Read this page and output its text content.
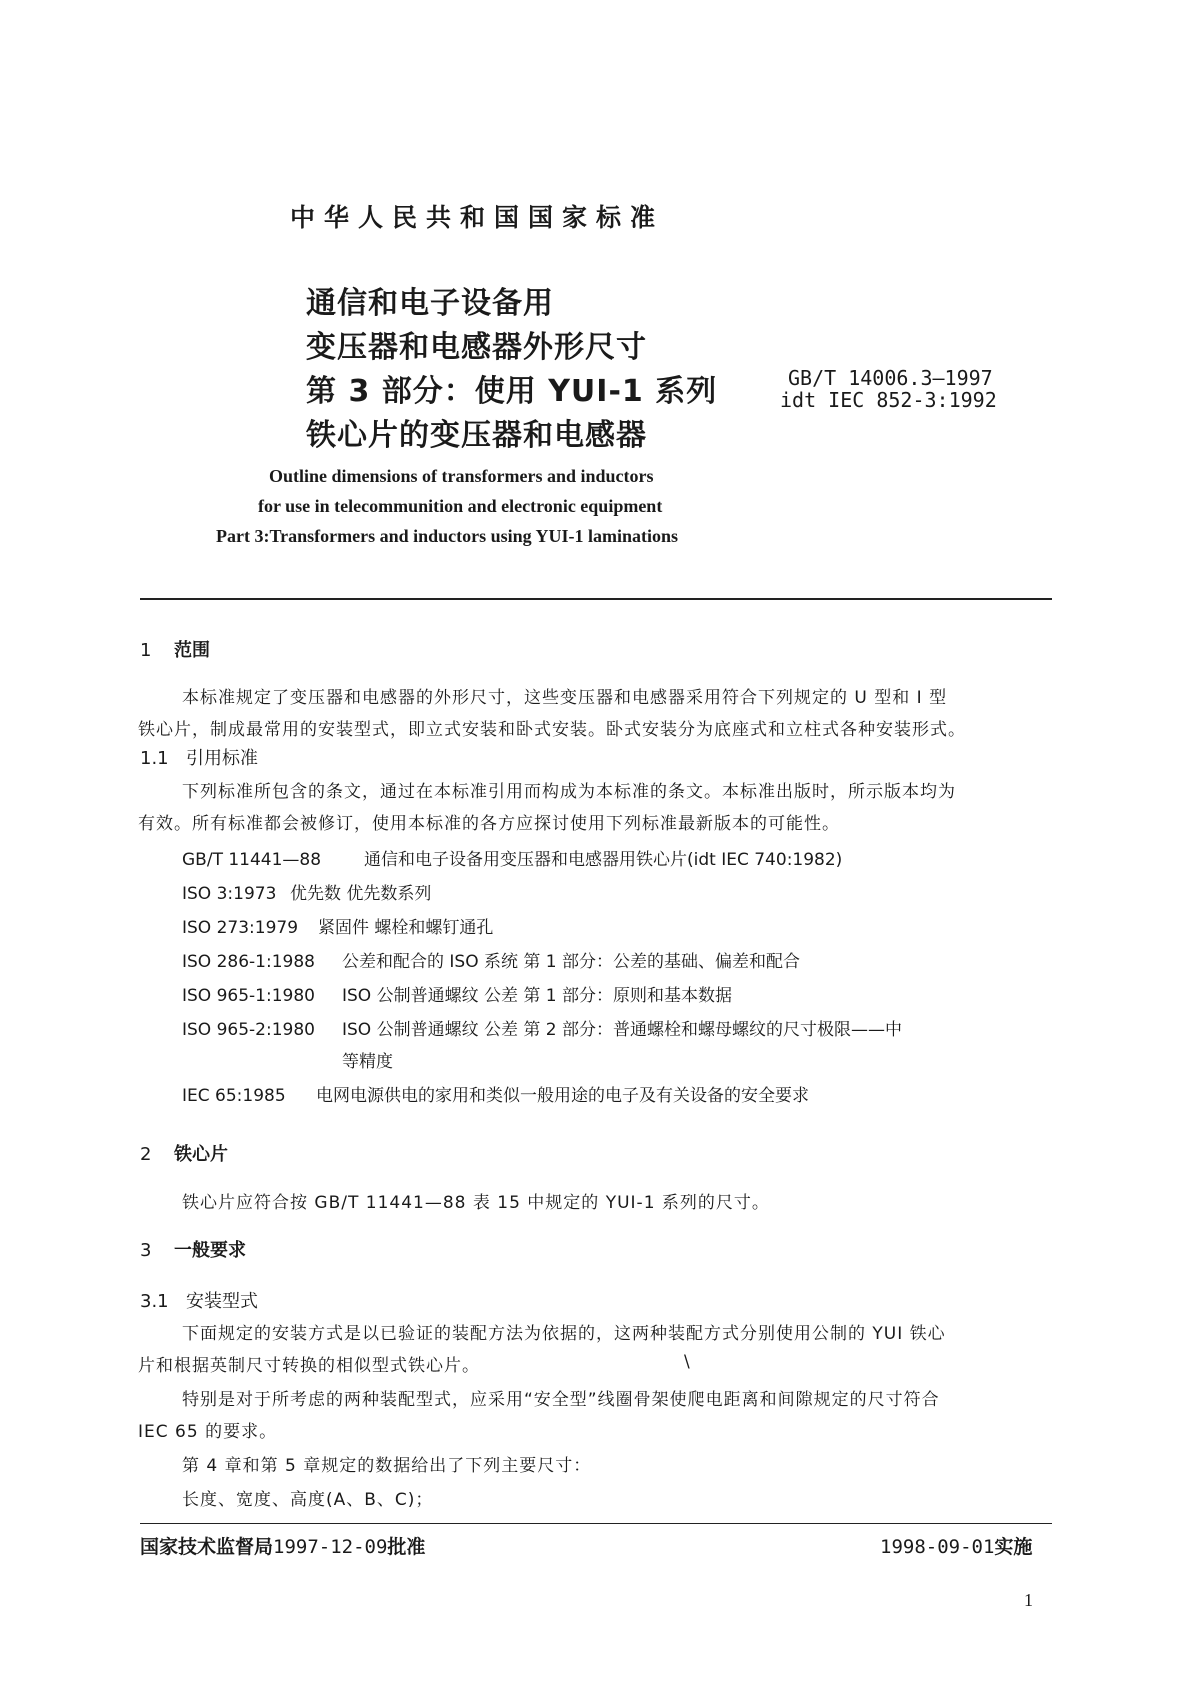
中华人民共和国国家标准
通信和电子设备用
变压器和电感器外形尺寸
第 3 部分：使用 YUI-1 系列
铁心片的变压器和电感器
GB/T 14006.3—1997
idt IEC 852-3:1992
Outline dimensions of transformers and inductors
for use in telecommunition and electronic equipment
Part 3:Transformers and inductors using YUI-1 laminations
1 范围
本标准规定了变压器和电感器的外形尺寸，这些变压器和电感器采用符合下列规定的 U 型和 I 型
铁心片，制成最常用的安装型式，即立式安装和卧式安装。卧式安装分为底座式和立柱式各种安装形式。
1.1 引用标准
下列标准所包含的条文，通过在本标准引用而构成为本标准的条文。本标准出版时，所示版本均为
有效。所有标准都会被修订，使用本标准的各方应探讨使用下列标准最新版本的可能性。
GB/T 11441—88	通信和电子设备用变压器和电感器用铁心片(idt IEC 740:1982)
ISO 3:1973 优先数 优先数系列
ISO 273:1979 紧固件 螺栓和螺钉通孔
ISO 286-1:1988 公差和配合的 ISO 系统 第 1 部分：公差的基础、偏差和配合
ISO 965-1:1980 ISO 公制普通螺纹 公差 第 1 部分：原则和基本数据
ISO 965-2:1980 ISO 公制普通螺纹 公差 第 2 部分：普通螺栓和螺母螺纹的尺寸极限——中
等精度
IEC 65:1985 电网电源供电的家用和类似一般用途的电子及有关设备的安全要求
2 铁心片
铁心片应符合按 GB/T 11441—88 表 15 中规定的 YUI-1 系列的尺寸。
3 一般要求
3.1 安装型式
下面规定的安装方式是以已验证的装配方法为依据的，这两种装配方式分别使用公制的 YUI 铁心
片和根据英制尺寸转换的相似型式铁心片。	\
特别是对于所考虑的两种装配型式，应采用“安全型”线圈骨架使爬电距离和间隙规定的尺寸符合
IEC 65 的要求。
第 4 章和第 5 章规定的数据给出了下列主要尺寸：
长度、宽度、高度(A、B、C)；
国家技术监督局1997-12-09批准	1998-09-01实施
1
